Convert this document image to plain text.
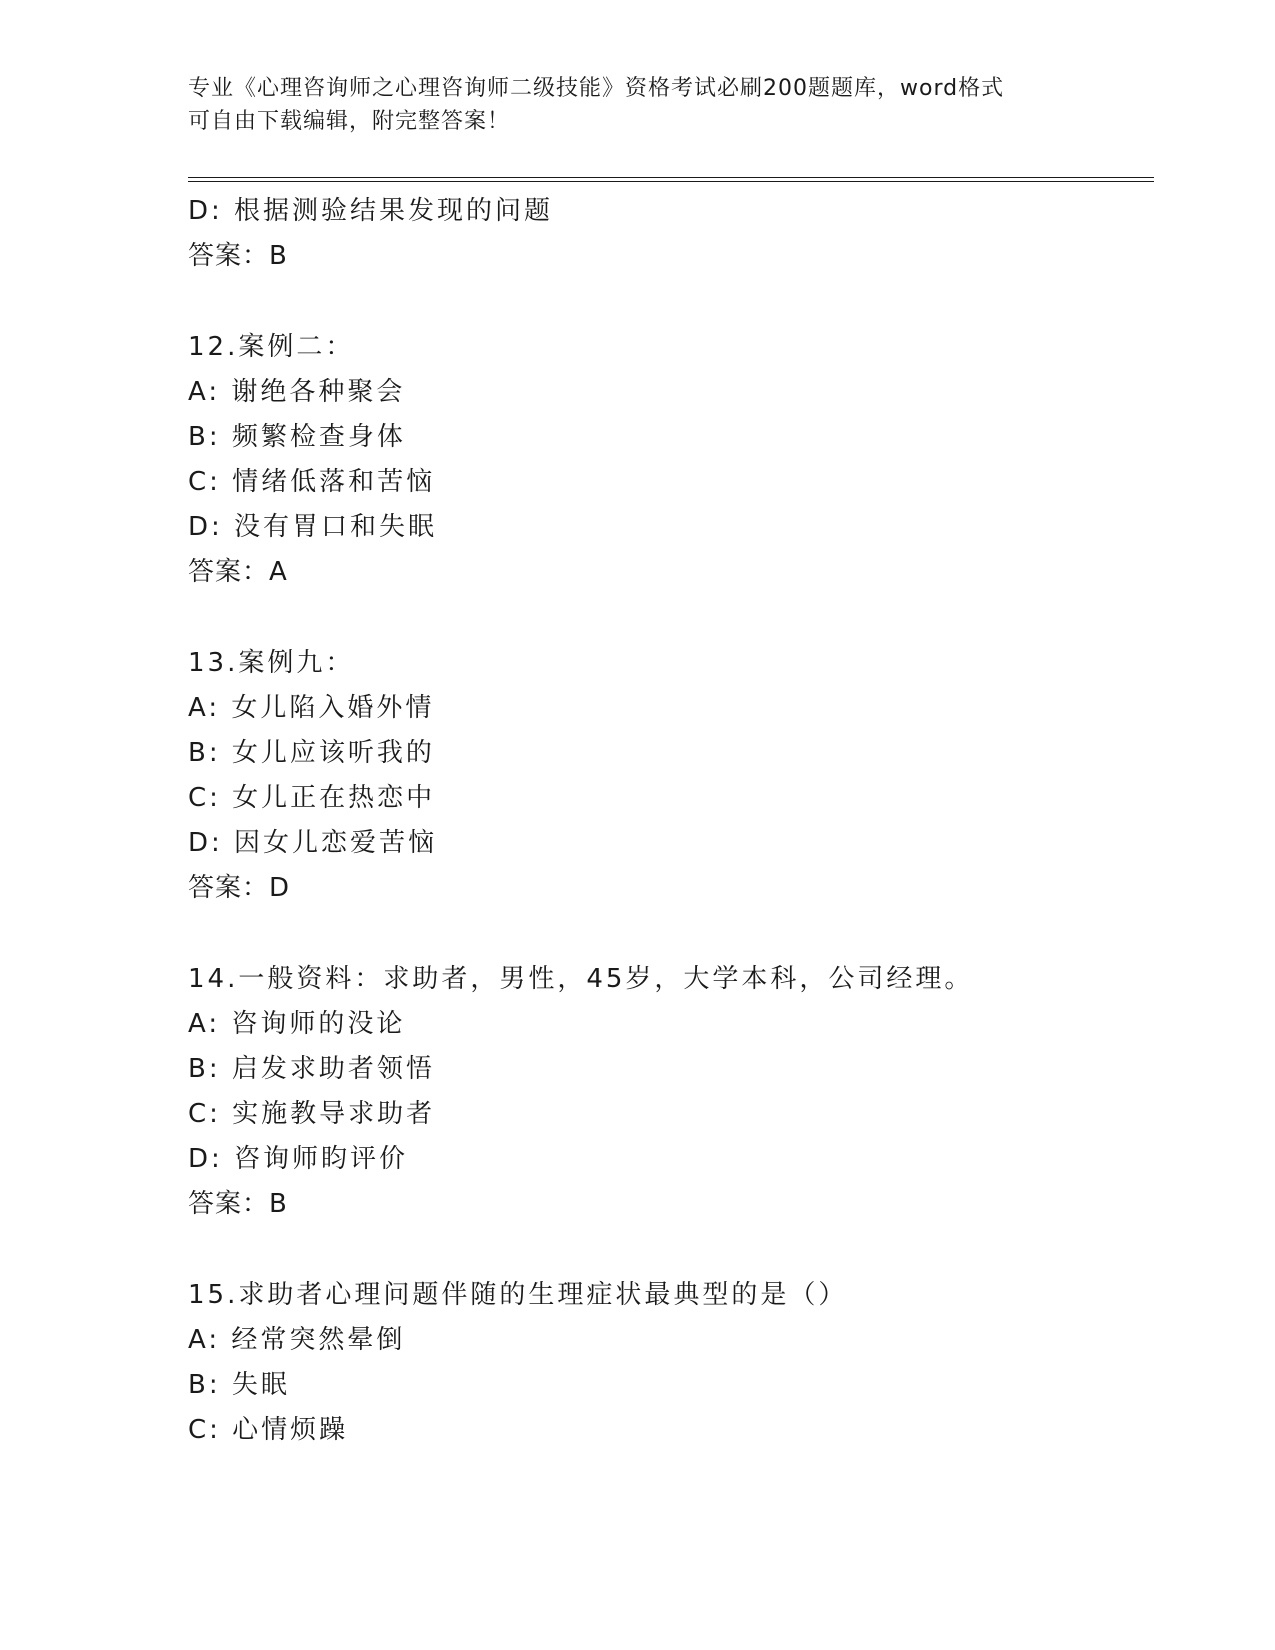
专业《心理咨询师之心理咨询师二级技能》资格考试必刷200题题库，word格式
可自由下载编辑，附完整答案！
D: 根据测验结果发现的问题
答案：B
12.案例二：
A: 谢绝各种聚会
B: 频繁检查身体
C: 情绪低落和苦恼
D: 没有胃口和失眠
答案：A
13.案例九：
A: 女儿陷入婚外情
B: 女儿应该听我的
C: 女儿正在热恋中
D: 因女儿恋爱苦恼
答案：D
14.一般资料：求助者，男性，45岁，大学本科，公司经理。
A: 咨询师的没论
B: 启发求助者领悟
C: 实施教导求助者
D: 咨询师盷评价
答案：B
15.求助者心理问题伴随的生理症状最典型的是（）
A: 经常突然晕倒
B: 失眠
C: 心情烦躁
